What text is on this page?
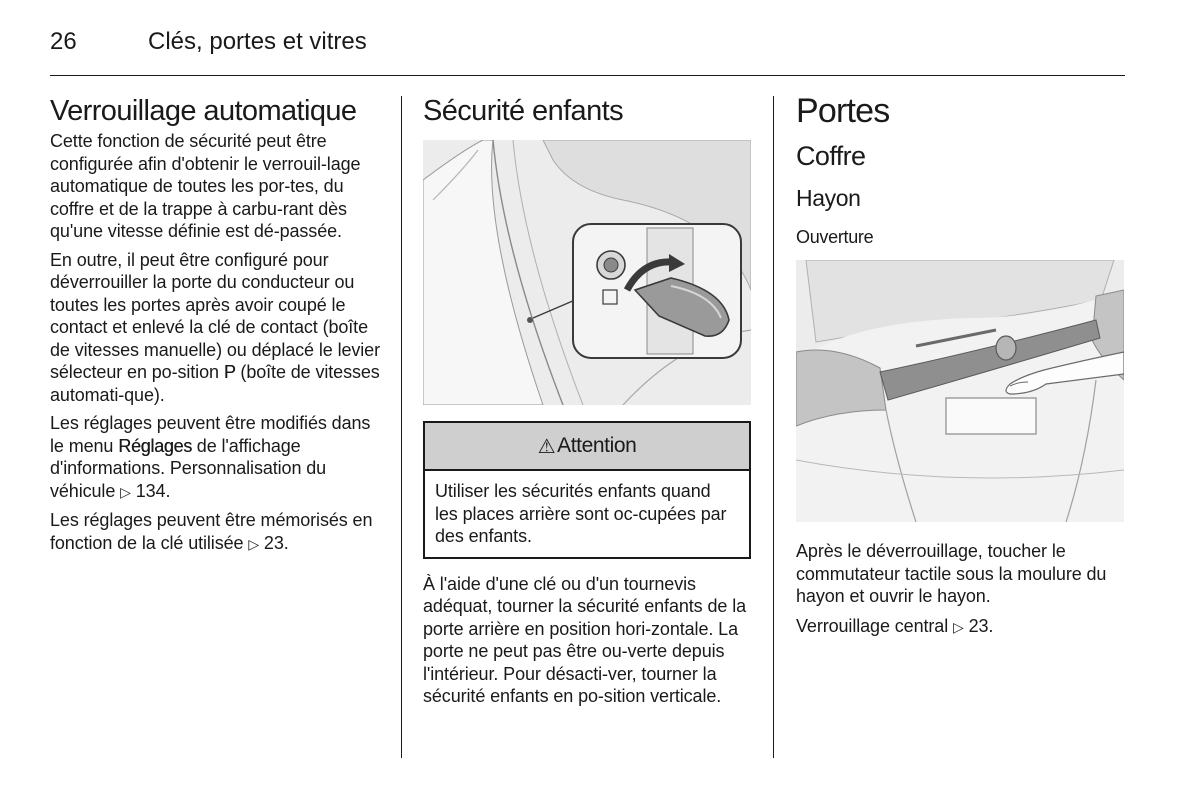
26	Clés, portes et vitres
Verrouillage automatique

Cette fonction de sécurité peut être configurée afin d'obtenir le verrouil-lage automatique de toutes les por-tes, du coffre et de la trappe à carbu-rant dès qu'une vitesse définie est dé-passée.

En outre, il peut être configuré pour déverrouiller la porte du conducteur ou toutes les portes après avoir coupé le contact et enlevé la clé de contact (boîte de vitesses manuelle) ou déplacé le levier sélecteur en po-sition P (boîte de vitesses automati-que).

Les réglages peuvent être modifiés dans le menu Réglages de l'affichage d'informations. Personnalisation du véhicule ▷ 134.

Les réglages peuvent être mémorisés en fonction de la clé utilisée ▷ 23.

Sécurité enfants
⚠ Attention

Utiliser les sécurités enfants quand les places arrière sont oc-cupées par des enfants.

À l'aide d'une clé ou d'un tournevis adéquat, tourner la sécurité enfants de la porte arrière en position hori-zontale. La porte ne peut pas être ou-verte depuis l'intérieur. Pour désacti-ver, tourner la sécurité enfants en po-sition verticale.

Portes
Coffre
Hayon
Ouverture

Après le déverrouillage, toucher le commutateur tactile sous la moulure du hayon et ouvrir le hayon.

Verrouillage central ▷ 23.
